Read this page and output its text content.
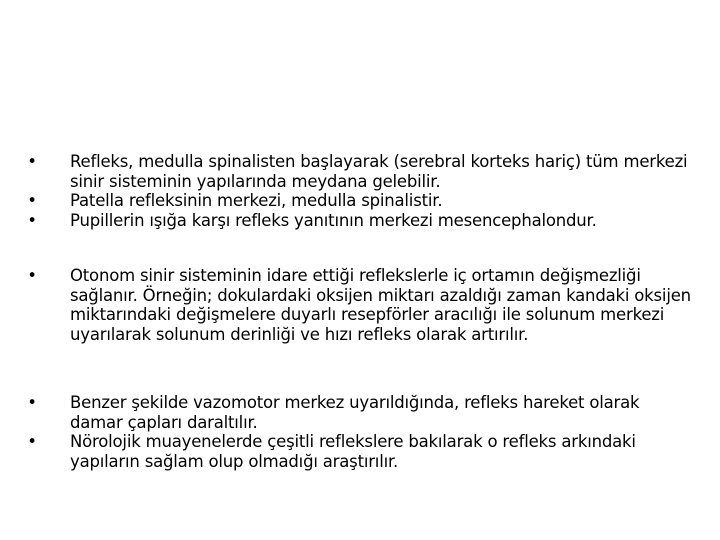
• Refleks, medulla spinalisten başlayarak (serebral korteks hariç) tüm merkezi sinir sisteminin yapılarında meydana gelebilir.
• Patella refleksinin merkezi, medulla spinalistir.
• Pupillerin ışığa karşı refleks yanıtının merkezi mesencephalondur.
• Otonom sinir sisteminin idare ettiği reflekslerle iç ortamın değişmezliği sağlanır. Örneğin; dokulardaki oksijen miktarı azaldığı zaman kandaki oksijen miktarındaki değişmelere duyarlı resepförler aracılığı ile solunum merkezi uyarılarak solunum derinliği ve hızı refleks olarak artırılır.
• Benzer şekilde vazomotor merkez uyarıldığında, refleks hareket olarak damar çapları daraltılır.
• Nörolojik muayenelerde çeşitli reflekslere bakılarak o refleks arkındaki yapıların sağlam olup olmadığı araştırılır.
